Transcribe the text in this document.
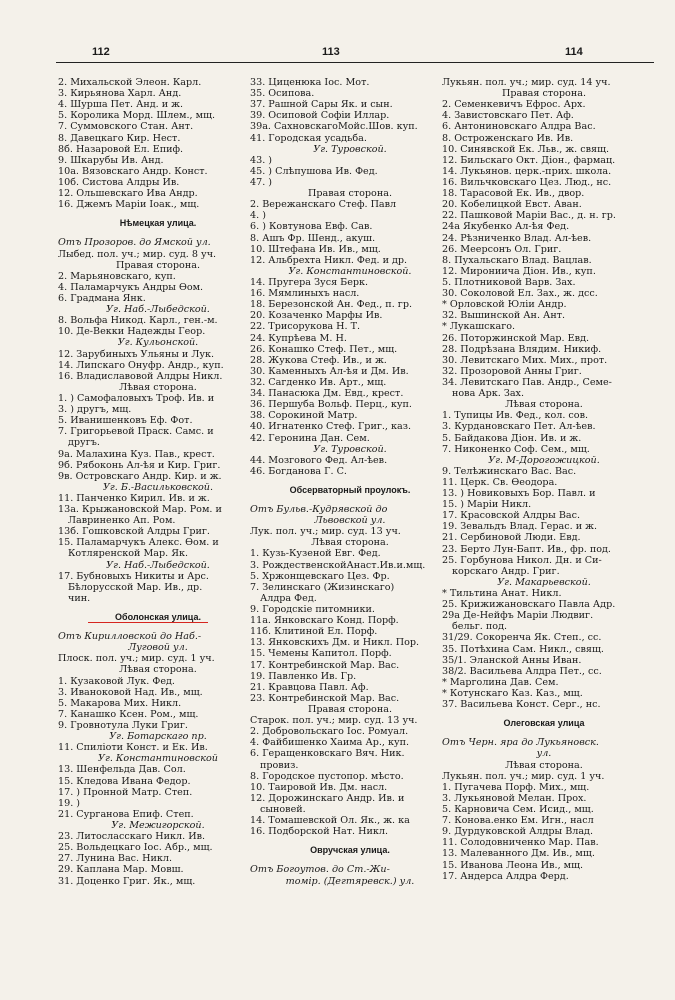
112	113	114
2. Михальской Элеон. Карл.
3. Кирьянова Харл. Анд.
4. Шурша Пет. Анд. и ж.
5. Королика Морд. Шлем., мщ.
7. Суммовского Стан. Ант.
8. Давецкаго Кир. Нест.
8б. Назаровой Ел. Епиф.
9. Шкарубы Ив. Анд.
10а. Вязовскаго Андр. Конст.
10б. Систова Алдры Ив.
12. Ольшевскаго Ива Андр.
16. Джемъ Маріи Іоак., мщ.
Нѣмецкая улица.
Отъ Прозоров. до Ямской ул.
Лыбед. пол. уч.; мир. суд. 8 уч.
Правая сторона.
2. Марьяновскаго, куп.
4. Паламарчукъ Андры Ѳом.
6. Градмана Янк.
Уг. Наб.-Лыбедской.
8. Вольфа Никод. Карл., ген.-м.
10. Де-Векки Надежды Геор.
Уг. Кульонской.
12. Зарубиныхъ Ульяны и Лук.
14. Липскаго Онуфр. Андр., куп.
16. Владиславовой Алдры Никл.
Лѣвая сторона.
1. ) Самофаловыхъ Троф. Ив. и
3. ) другъ, мщ.
5. Иванишенковъ Еф. Фот.
7. Григорьевой Праск. Самс. и
другъ.
9а. Малахина Куз. Пав., крест.
9б. Рябоконь Ал-ѣя и Кир. Григ.
9в. Островскаго Андр. Кир. и ж.
Уг. Б.-Васильковской.
11. Панченко Кирил. Ив. и ж.
13а. Крыжановской Мар. Ром. и
Лавриненко Ап. Ром.
13б. Гошковской Алдры Григ.
15. Паламарчукъ Алекс. Ѳом. и
Котляренской Мар. Як.
Уг. Наб.-Лыбедской.
17. Бубновыхъ Никиты и Арс.
Бѣлорусской Мар. Ив., др.
чин.
Оболонская улица.
Отъ Кирилловской до Наб.-
Луговой ул.
Плоск. пол. уч.; мир. суд. 1 уч.
Лѣвая сторона.
1. Кузаковой Лук. Фед.
3. Иваноковой Над. Ив., мщ.
5. Макарова Мих. Никл.
7. Канашко Ксен. Ром., мщ.
9. Гровнотула Луки Григ.
Уг. Ботарскаго пр.
11. Спиліоти Конст. и Ек. Ив.
Уг. Константиновской
13. Шенфельда Дав. Сол.
15. Кледова Ивана Федор.
17. ) Пронной Матр. Степ.
19. )
21. Сурганова Епиф. Степ.
Уг. Межигорской.
23. Литосласскаго Никл. Ив.
25. Вольдецкаго Іос. Абр., мщ.
27. Лунина Вас. Никл.
29. Каплана Мар. Мовш.
31. Доценко Григ. Як., мщ.
33. Циценюка Іос. Мот.
35. Осипова.
37. Рашной Сары Як. и сын.
39. Осиповой Софіи Иллар.
39а. СахновскагоМойс.Шов. куп.
41. Городская усадьба.
Уг. Туровской.
43. )
45. ) Слѣпушова Ив. Фед.
47. )
Правая сторона.
2. Вережанскаго Стеф. Павл
4. )
6. ) Ковтунова Евф. Сав.
8. Ашъ Фр. Шенд., акуш.
10. Штефана Ив. Ив., мщ.
12. Альбрехта Никл. Фед. и др.
Уг. Константиновской.
14. Пругера Зуся Берк.
16. Мямлиныхъ насл.
18. Березонской Ан. Фед., п. гр.
20. Козаченко Марфы Ив.
22. Трисорукова Н. Т.
24. Купрѣева М. Н.
26. Конашко Стеф. Пет., мщ.
28. Жукова Стеф. Ив., и ж.
30. Каменныхъ Ал-ѣя и Дм. Ив.
32. Сагденко Ив. Арт., мщ.
34. Панасюка Дм. Евд., крест.
36. Першуба Вольф. Перц., куп.
38. Сорокиной Матр.
40. Игнатенко Стеф. Григ., каз.
42. Геронина Дан. Сем.
Уг. Туровской.
44. Мозгового Фед. Ал-ѣев.
46. Богданова Г. С.
Обсерваторный проулокъ.
Отъ Бульв.-Кудрявской до
Львовской ул.
Лук. пол. уч.; мир. суд. 13 уч.
Лѣвая сторона.
1. Кузь-Кузеной Евг. Фед.
3. РождественскойАнаст.Ив.и.мщ.
5. Хржонщевскаго Цез. Фр.
7. Зелинскаго (Жизинскаго)
Алдра Фед.
9. Городскіе питомники.
11а. Янковскаго Конд. Порф.
11б. Клитиной Ел. Порф.
13. Янковскихъ Дм. и Никл. Пор.
15. Чемены Капитол. Порф.
17. Контребинской Мар. Вас.
19. Павленко Ив. Гр.
21. Кравцова Павл. Аф.
23. Контребинской Мар. Вас.
Правая сторона.
Старок. пол. уч.; мир. суд. 13 уч.
2. Добровольскаго Іос. Ромуал.
4. Файбишенко Хаима Ар., куп.
6. Геращенковскаго Вяч. Ник.
провиз.
8. Городское пустопор. мѣсто.
10. Таировой Ив. Дм. насл.
12. Дорожинскаго Андр. Ив. и
сыновей.
14. Томашевской Ол. Як., ж. ка
16. Подборской Нат. Никл.
Овручская улица.
Отъ Богоутов. до Ст.-Жи-
томір. (Дегтяревск.) ул.
Лукьян. пол. уч.; мир. суд. 14 уч.
Правая сторона.
2. Семенкевичъ Ефрос. Арх.
4. Завистовскаго Пет. Аф.
6. Антониновскаго Алдра Вас.
8. Остроженскаго Ив. Ив.
10. Синявской Ек. Льв., ж. свящ.
12. Бильскаго Окт. Діон., фармац.
14. Лукьянов. церк.-прих. школа.
16. Вильчковскаго Цез. Люд., нс.
18. Тарасовой Ек. Ив., двор.
20. Кобелицкой Евст. Аван.
22. Пашковой Маріи Вас., д. н. гр.
24а Якубенко Ал-ѣя Фед.
24. Рѣзниченко Влад. Ал-ѣев.
26. Меерсонъ Ол. Григ.
8. Пухальскаго Влад. Вацлав.
12. Мирониича Діон. Ив., куп.
5. Плотниковой Варв. Зах.
30. Соколовой Ел. Зах., ж. дсс.
* Орловской Юліи Андр.
32. Вышинской Ан. Ант.
* Лукашскаго.
26. Поторжинской Мар. Евд.
28. Подрѣзана Влядим. Никиф.
30. Левитскаго Мих. Мих., прот.
32. Прозоровой Анны Григ.
34. Левитскаго Пав. Андр., Семе-
нова Арк. Зах.
Лѣвая сторона.
1. Тупицы Ив. Фед., кол. сов.
3. Курдановскаго Пет. Ал-ѣев.
5. Байдакова Діон. Ив. и ж.
7. Никоненко Соф. Сем., мщ.
Уг. М-Дорогожицкой.
9. Телѣжинскаго Вас. Вас.
11. Церк. Св. Ѳеодора.
13. ) Новиковыхъ Бор. Павл. и
15. ) Маріи Никл.
17. Красовской Алдры Вас.
19. Зевальдъ Влад. Герас. и ж.
21. Сербиновой Люди. Евд.
23. Берто Лун-Бапт. Ив., фр. под.
25. Горбунова Никол. Дн. и Си-
корскаго Андр. Григ.
Уг. Макарьевской.
* Тильтина Анат. Никл.
25. Крижижановскаго Павла Адр.
29а Де-Нейфъ Маріи Людвиг.
бельг. под.
31/29. Сокоренча Як. Степ., сс.
35. Потѣхина Сам. Никл., свящ.
35/1. Эланской Анны Иван.
38/2. Васильева Алдра Пет., сс.
* Марголина Дав. Сем.
* Котунскаго Каз. Каз., мщ.
37. Васильева Конст. Серг., нс.
Олеговская улица
Отъ Черн. яра до Лукьяновск.
ул.
Лѣвая сторона.
Лукьян. пол. уч.; мир. суд. 1 уч.
1. Пугачева Порф. Мих., мщ.
3. Лукьяновой Мелан. Прох.
5. Карновича Сем. Исид., мщ.
7. Коновa.енко Ем. Игн., насл
9. Дурдуковской Алдры Влад.
11. Солодовниченко Мар. Пав.
13. Малеванного Дм. Ив., мщ.
15. Иванова Леона Ив., мщ.
17. Андерса Алдра Ферд.
